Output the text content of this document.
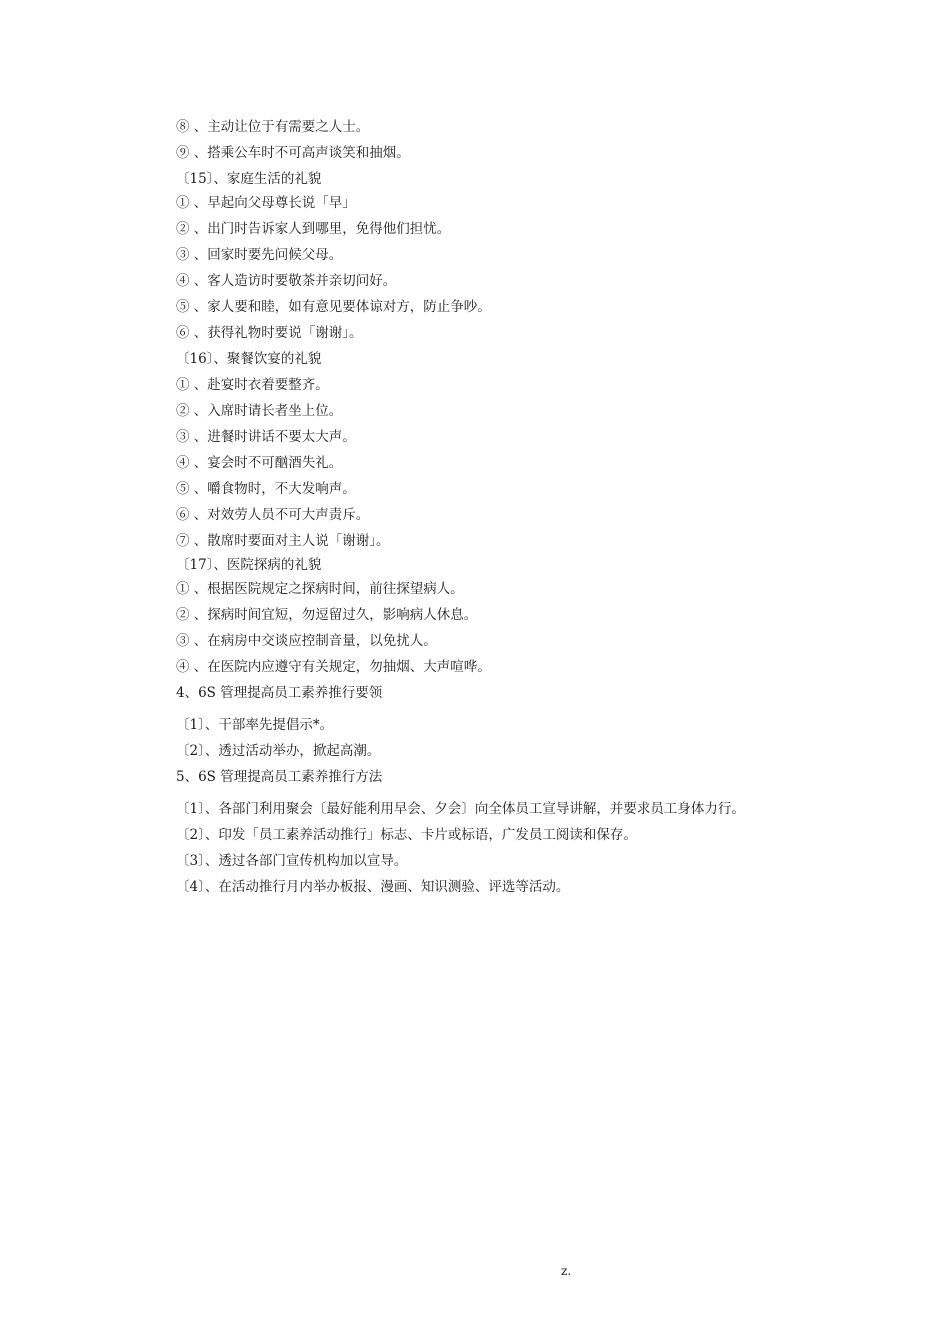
⑧ 、主动让位于有需要之人士。
⑨ 、搭乘公车时不可高声谈笑和抽烟。
〔15〕、家庭生活的礼貌
① 、早起向父母尊长说「早」
② 、出门时告诉家人到哪里，免得他们担忧。
③ 、回家时要先问候父母。
④ 、客人造访时要敬茶并亲切问好。
⑤ 、家人要和睦，如有意见要体谅对方，防止争吵。
⑥ 、获得礼物时要说「谢谢」。
〔16〕、聚餐饮宴的礼貌
① 、赴宴时衣着要整齐。
② 、入席时请长者坐上位。
③ 、进餐时讲话不要太大声。
④ 、宴会时不可酗酒失礼。
⑤ 、嚼食物时，不大发响声。
⑥ 、对效劳人员不可大声责斥。
⑦ 、散席时要面对主人说「谢谢」。
〔17〕、医院探病的礼貌
① 、根据医院规定之探病时间，前往探望病人。
② 、探病时间宜短，勿逗留过久，影响病人休息。
③ 、在病房中交谈应控制音量，以免扰人。
④ 、在医院内应遵守有关规定，勿抽烟、大声喧哗。
4、6S 管理提高员工素养推行要领
〔1〕、干部率先提倡示*。
〔2〕、透过活动举办，掀起高潮。
5、6S 管理提高员工素养推行方法
〔1〕、各部门利用聚会〔最好能利用早会、夕会〕向全体员工宣导讲解，并要求员工身体力行。
〔2〕、印发「员工素养活动推行」标志、卡片或标语，广发员工阅读和保存。
〔3〕、透过各部门宣传机构加以宣导。
〔4〕、在活动推行月内举办板报、漫画、知识测验、评选等活动。
z.
